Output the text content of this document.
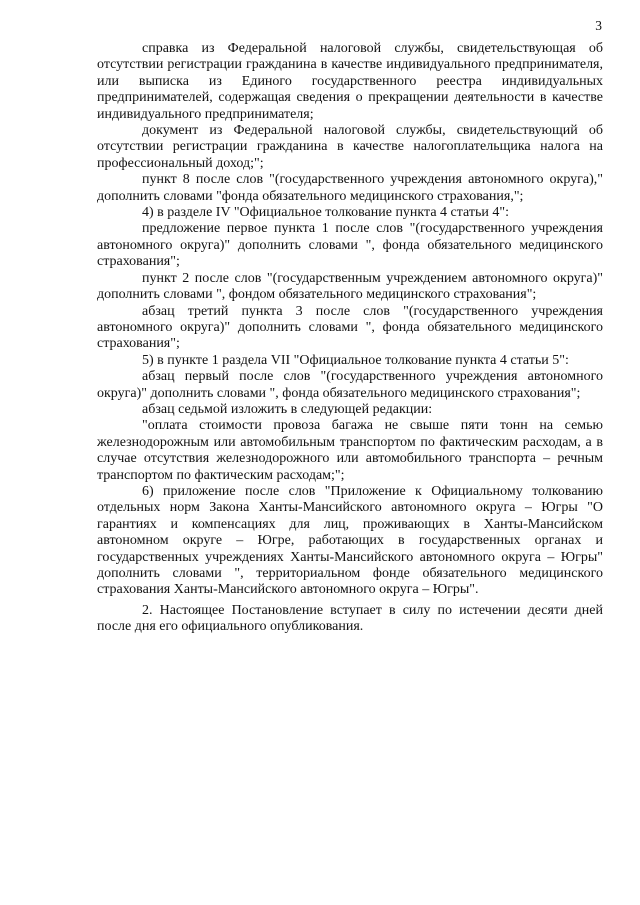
3

справка из Федеральной налоговой службы, свидетельствующая об отсутствии регистрации гражданина в качестве индивидуального предпринимателя, или выписка из Единого государственного реестра индивидуальных предпринимателей, содержащая сведения о прекращении деятельности в качестве индивидуального предпринимателя;

документ из Федеральной налоговой службы, свидетельствующий об отсутствии регистрации гражданина в качестве налогоплательщика налога на профессиональный доход;";

пункт 8 после слов "(государственного учреждения автономного округа)," дополнить словами "фонда обязательного медицинского страхования,";

4) в разделе IV "Официальное толкование пункта 4 статьи 4":

предложение первое пункта 1 после слов "(государственного учреждения автономного округа)" дополнить словами ", фонда обязательного медицинского страхования";

пункт 2 после слов "(государственным учреждением автономного округа)" дополнить словами ", фондом обязательного медицинского страхования";

абзац третий пункта 3 после слов "(государственного учреждения автономного округа)" дополнить словами ", фонда обязательного медицинского страхования";

5) в пункте 1 раздела VII "Официальное толкование пункта 4 статьи 5":

абзац первый после слов "(государственного учреждения автономного округа)" дополнить словами ", фонда обязательного медицинского страхования";

абзац седьмой изложить в следующей редакции:

"оплата стоимости провоза багажа не свыше пяти тонн на семью железнодорожным или автомобильным транспортом по фактическим расходам, а в случае отсутствия железнодорожного или автомобильного транспорта – речным транспортом по фактическим расходам;";

6) приложение после слов "Приложение к Официальному толкованию отдельных норм Закона Ханты-Мансийского автономного округа – Югры "О гарантиях и компенсациях для лиц, проживающих в Ханты-Мансийском автономном округе – Югре, работающих в государственных органах и государственных учреждениях Ханты-Мансийского автономного округа – Югры" дополнить словами ", территориальном фонде обязательного медицинского страхования Ханты-Мансийского автономного округа – Югры".

2. Настоящее Постановление вступает в силу по истечении десяти дней после дня его официального опубликования.
